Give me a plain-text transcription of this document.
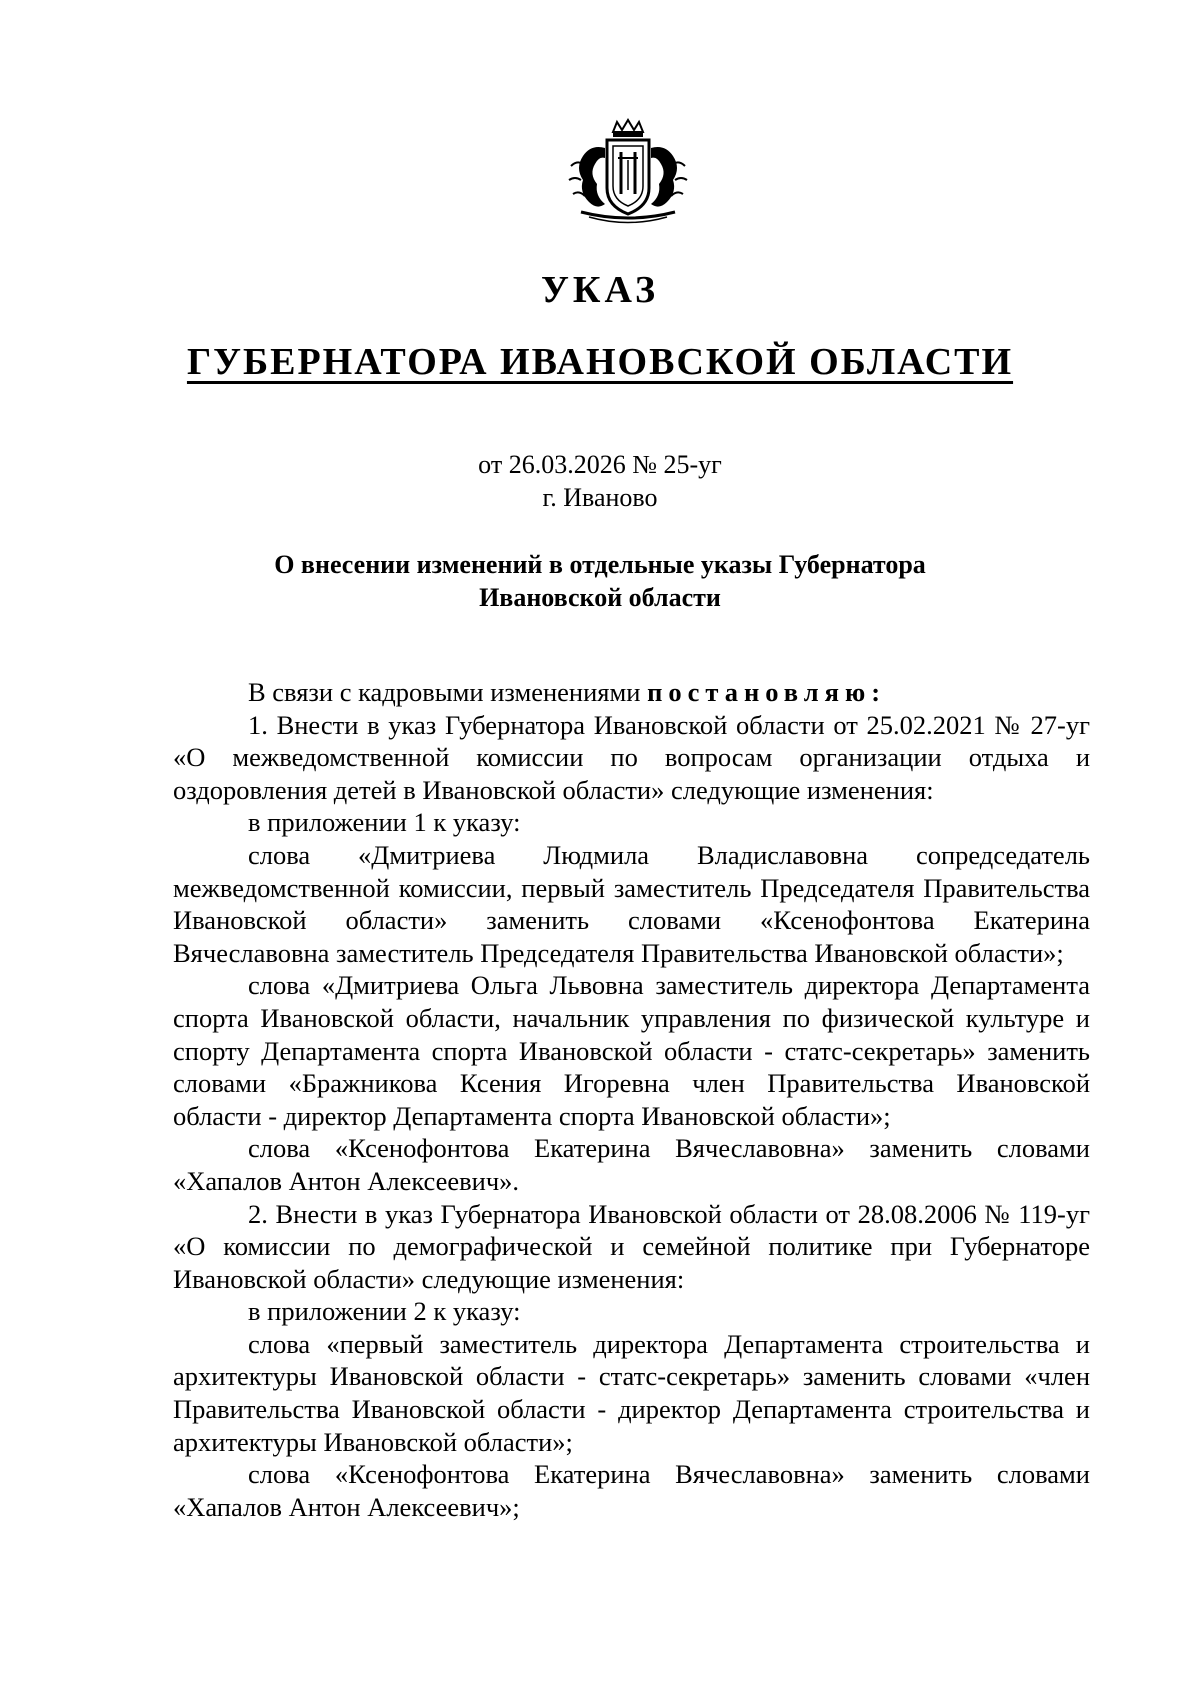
УКАЗ
ГУБЕРНАТОРА ИВАНОВСКОЙ ОБЛАСТИ

от 26.03.2026 № 25-уг

г. Иваново

О внесении изменений в отдельные указы Губернатора
Ивановской области

В связи с кадровыми изменениями постановляю:

1. Внести в указ Губернатора Ивановской области от 25.02.2021 № 27-уг «О межведомственной комиссии по вопросам организации отдыха и оздоровления детей в Ивановской области» следующие изменения:

в приложении 1 к указу:

слова «Дмитриева Людмила Владиславовна сопредседатель межведомственной комиссии, первый заместитель Председателя Правительства Ивановской области» заменить словами «Ксенофонтова Екатерина Вячеславовна заместитель Председателя Правительства Ивановской области»;

слова «Дмитриева Ольга Львовна заместитель директора Департамента спорта Ивановской области, начальник управления по физической культуре и спорту Департамента спорта Ивановской области - статс-секретарь» заменить словами «Бражникова Ксения Игоревна член Правительства Ивановской области - директор Департамента спорта Ивановской области»;

слова «Ксенофонтова Екатерина Вячеславовна» заменить словами «Хапалов Антон Алексеевич».

2. Внести в указ Губернатора Ивановской области от 28.08.2006 № 119-уг «О комиссии по демографической и семейной политике при Губернаторе Ивановской области» следующие изменения:

в приложении 2 к указу:

слова «первый заместитель директора Департамента строительства и архитектуры Ивановской области - статс-секретарь» заменить словами «член Правительства Ивановской области - директор Департамента строительства и архитектуры Ивановской области»;

слова «Ксенофонтова Екатерина Вячеславовна» заменить словами «Хапалов Антон Алексеевич»;
